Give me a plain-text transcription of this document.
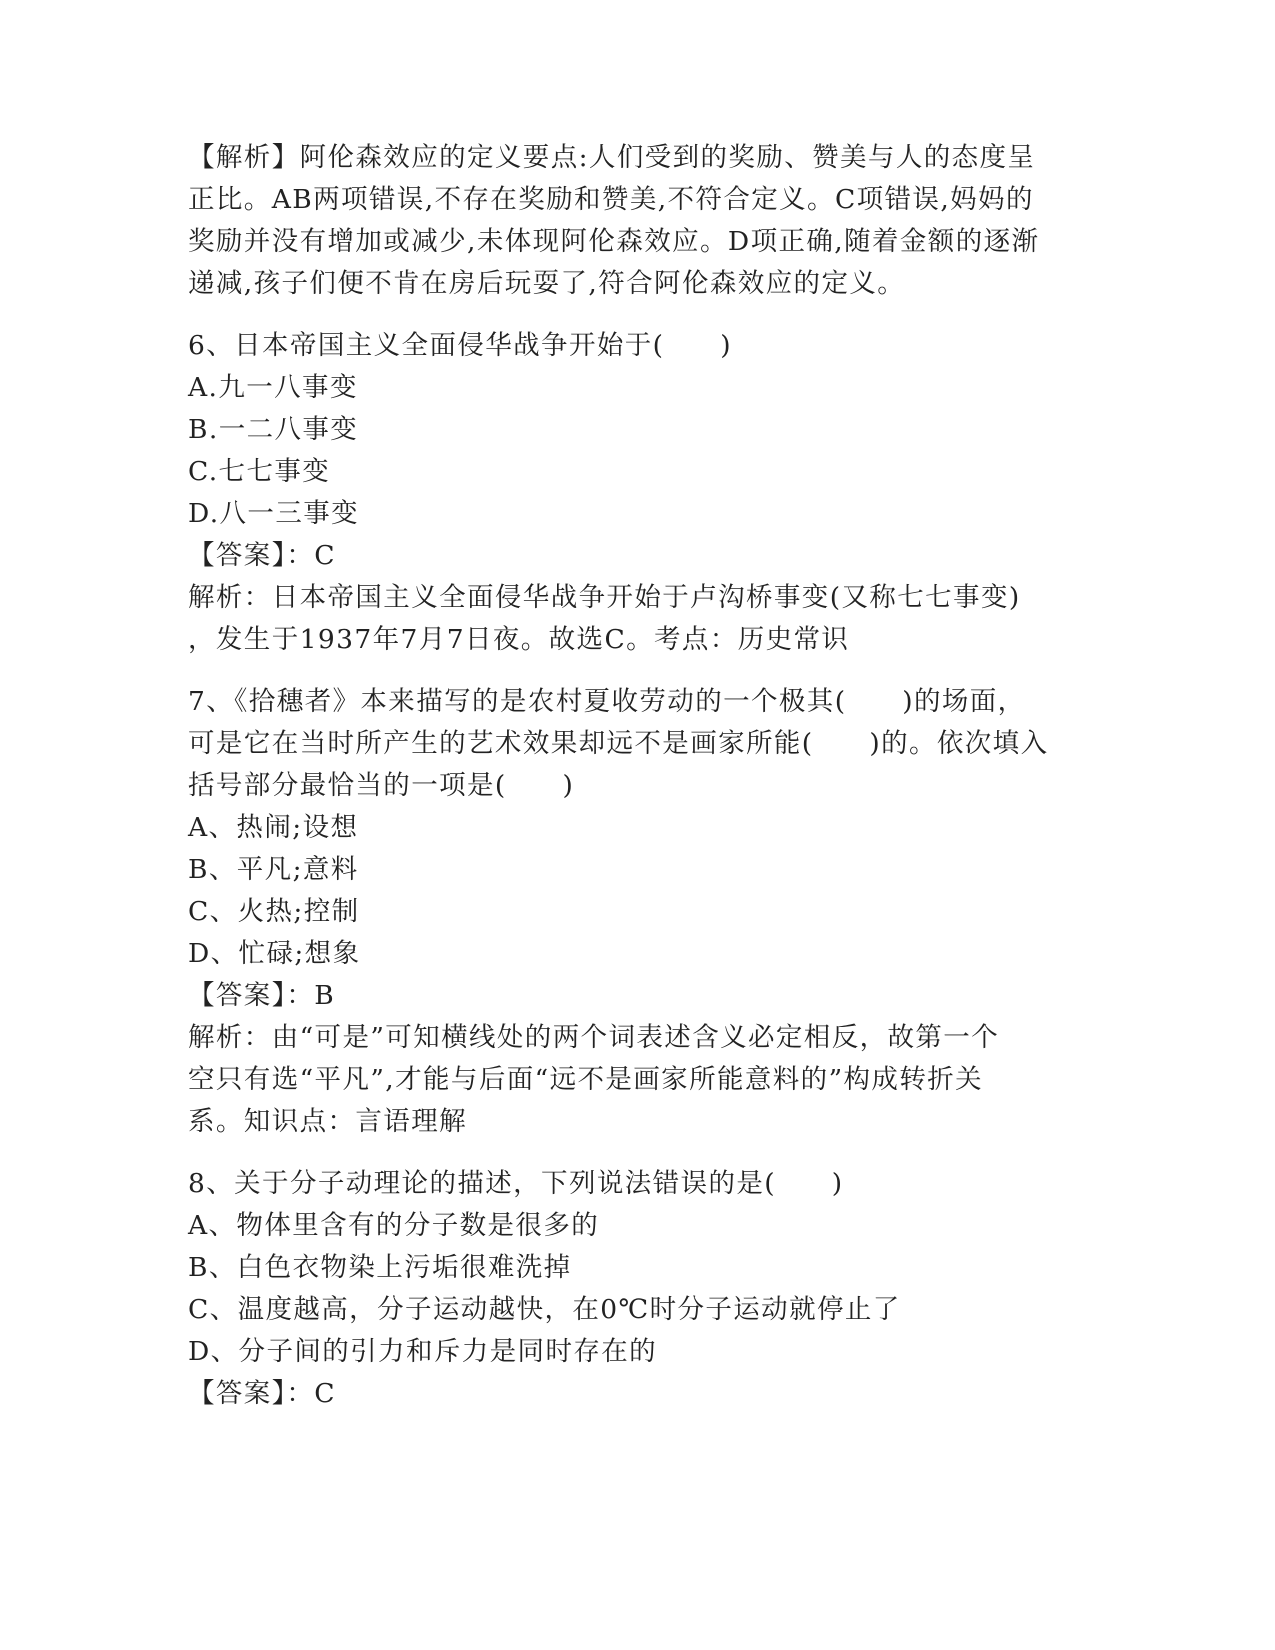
【解析】阿伦森效应的定义要点:人们受到的奖励、赞美与人的态度呈
正比。AB两项错误,不存在奖励和赞美,不符合定义。C项错误,妈妈的
奖励并没有增加或减少,未体现阿伦森效应。D项正确,随着金额的逐渐
递减,孩子们便不肯在房后玩耍了,符合阿伦森效应的定义。
6、日本帝国主义全面侵华战争开始于(　　)
A.九一八事变
B.一二八事变
C.七七事变
D.八一三事变
【答案】：C
解析：日本帝国主义全面侵华战争开始于卢沟桥事变(又称七七事变)
，发生于1937年7月7日夜。故选C。考点：历史常识
7、《拾穗者》本来描写的是农村夏收劳动的一个极其(　　)的场面，
可是它在当时所产生的艺术效果却远不是画家所能(　　)的。依次填入
括号部分最恰当的一项是(　　)
A、热闹;设想
B、平凡;意料
C、火热;控制
D、忙碌;想象
【答案】：B
解析：由“可是”可知横线处的两个词表述含义必定相反，故第一个
空只有选“平凡”,才能与后面“远不是画家所能意料的”构成转折关
系。知识点：言语理解
8、关于分子动理论的描述，下列说法错误的是(　　)
A、物体里含有的分子数是很多的
B、白色衣物染上污垢很难洗掉
C、温度越高，分子运动越快，在0℃时分子运动就停止了
D、分子间的引力和斥力是同时存在的
【答案】：C
